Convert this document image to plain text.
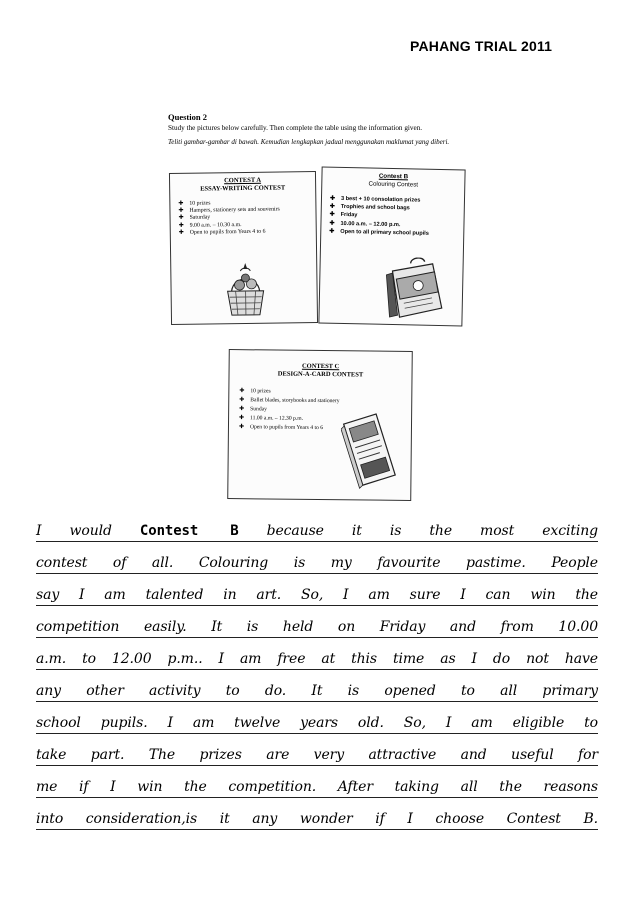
PAHANG TRIAL 2011
Question 2
Study the pictures below carefully. Then complete the table using the information given.
Teliti gambar-gambar di bawah. Kemudian lengkapkan jadual menggunakan maklumat yang diberi.
CONTEST A
ESSAY-WRITING CONTEST
✚ 10 prizes
✚ Hampers, stationery sets and souvenirs
✚ Saturday
✚ 9.00 a.m. – 10.30 a.m.
✚ Open to pupils from Years 4 to 6
Contest B
Colouring Contest
✚ 3 best + 10 consolation prizes
✚ Trophies and school bags
✚ Friday
✚ 10.00 a.m. – 12.00 p.m.
✚ Open to all primary school pupils
CONTEST C
DESIGN-A-CARD CONTEST
✚ 10 prizes
✚ Ballet blades, storybooks and stationery
✚ Sunday
✚ 11.00 a.m. – 12.30 p.m.
✚ Open to pupils from Years 4 to 6
I would Contest B because it is the most exciting
contest of all. Colouring is my favourite pastime. People
say I am talented in art. So, I am sure I can win the
competition easily. It is held on Friday and from 10.00
a.m. to 12.00 p.m.. I am free at this time as I do not have
any other activity to do. It is opened to all primary
school pupils. I am twelve years old. So, I am eligible to
take part. The prizes are very attractive and useful for
me if I win the competition. After taking all the reasons
into consideration,is it any wonder if I choose Contest B.
